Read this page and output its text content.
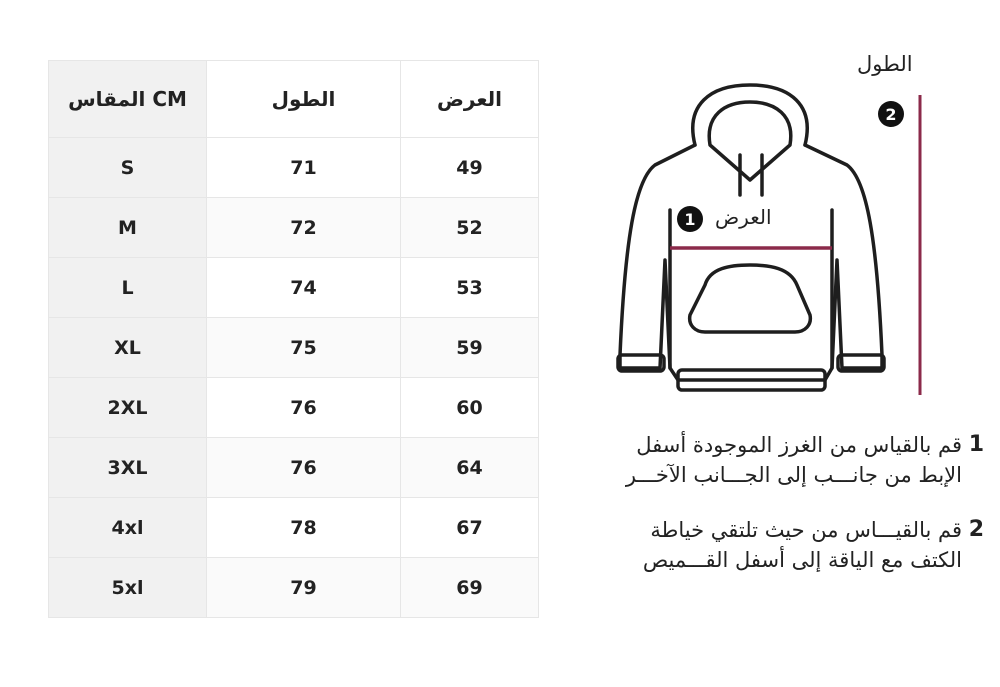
المقاس CM	الطول	العرض
S	71	49
M	72	52
L	74	53
XL	75	59
2XL	76	60
3XL	76	64
4xl	78	67
5xl	79	69
الطول
العرض
1
2
1
قم بالقياس من الغرز الموجودة أسفل
الإبط من جانـــب إلى الجـــانب الآخـــر
2
قم بالقيـــاس من حيث تلتقي خياطة
الكتف مع الياقة إلى أسفل القـــميص
